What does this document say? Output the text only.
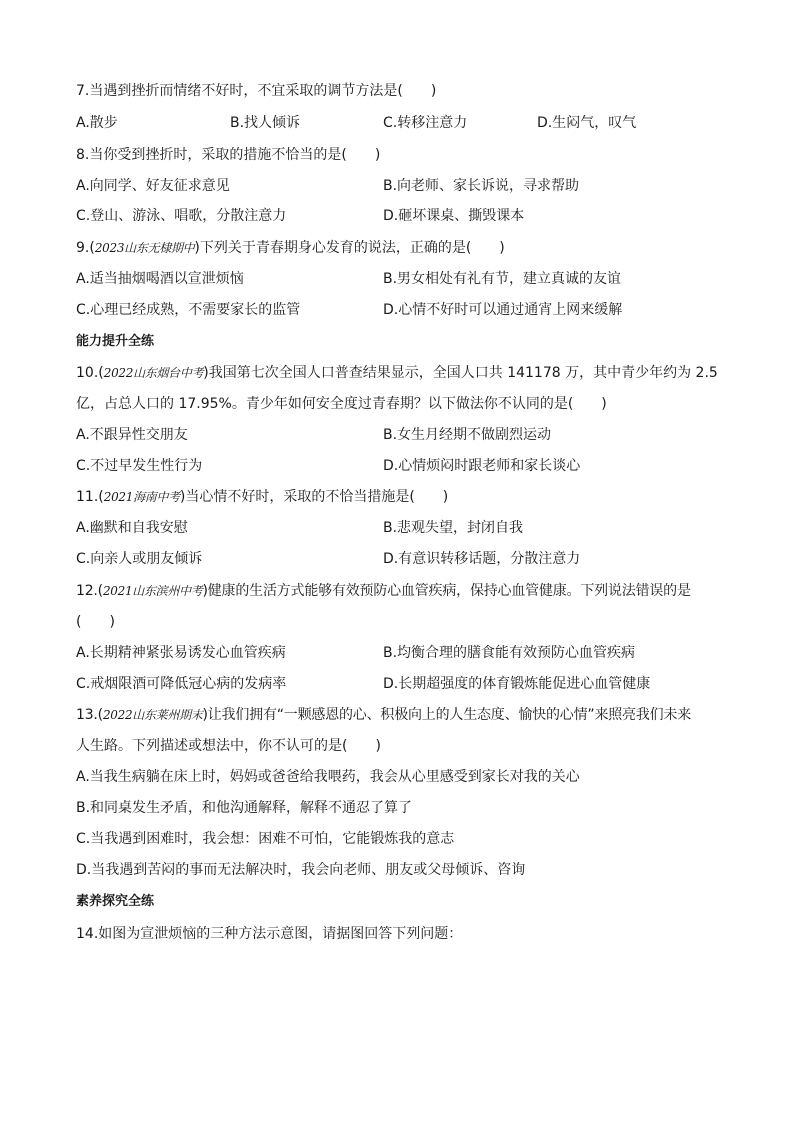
7.当遇到挫折而情绪不好时，不宜采取的调节方法是(　　)
A.散步	B.找人倾诉	C.转移注意力	D.生闷气，叹气
8.当你受到挫折时，采取的措施不恰当的是(　　)
A.向同学、好友征求意见	B.向老师、家长诉说，寻求帮助
C.登山、游泳、唱歌，分散注意力	D.砸坏课桌、撕毁课本
9.(2023山东无棣期中)下列关于青春期身心发育的说法，正确的是(　　)
A.适当抽烟喝酒以宣泄烦恼	B.男女相处有礼有节，建立真诚的友谊
C.心理已经成熟，不需要家长的监管	D.心情不好时可以通过通宵上网来缓解
能力提升全练
10.(2022山东烟台中考)我国第七次全国人口普查结果显示，全国人口共 141178 万，其中青少年约为 2.5
亿，占总人口的 17.95%。青少年如何安全度过青春期？以下做法你不认同的是(　　)
A.不跟异性交朋友	B.女生月经期不做剧烈运动
C.不过早发生性行为	D.心情烦闷时跟老师和家长谈心
11.(2021海南中考)当心情不好时，采取的不恰当措施是(　　)
A.幽默和自我安慰	B.悲观失望，封闭自我
C.向亲人或朋友倾诉	D.有意识转移话题，分散注意力
12.(2021山东滨州中考)健康的生活方式能够有效预防心血管疾病，保持心血管健康。下列说法错误的是
(　　)
A.长期精神紧张易诱发心血管疾病	B.均衡合理的膳食能有效预防心血管疾病
C.戒烟限酒可降低冠心病的发病率	D.长期超强度的体育锻炼能促进心血管健康
13.(2022山东莱州期末)让我们拥有“一颗感恩的心、积极向上的人生态度、愉快的心情”来照亮我们未来
人生路。下列描述或想法中，你不认可的是(　　)
A.当我生病躺在床上时，妈妈或爸爸给我喂药，我会从心里感受到家长对我的关心
B.和同桌发生矛盾，和他沟通解释，解释不通忍了算了
C.当我遇到困难时，我会想：困难不可怕，它能锻炼我的意志
D.当我遇到苦闷的事而无法解决时，我会向老师、朋友或父母倾诉、咨询
素养探究全练
14.如图为宣泄烦恼的三种方法示意图，请据图回答下列问题：
